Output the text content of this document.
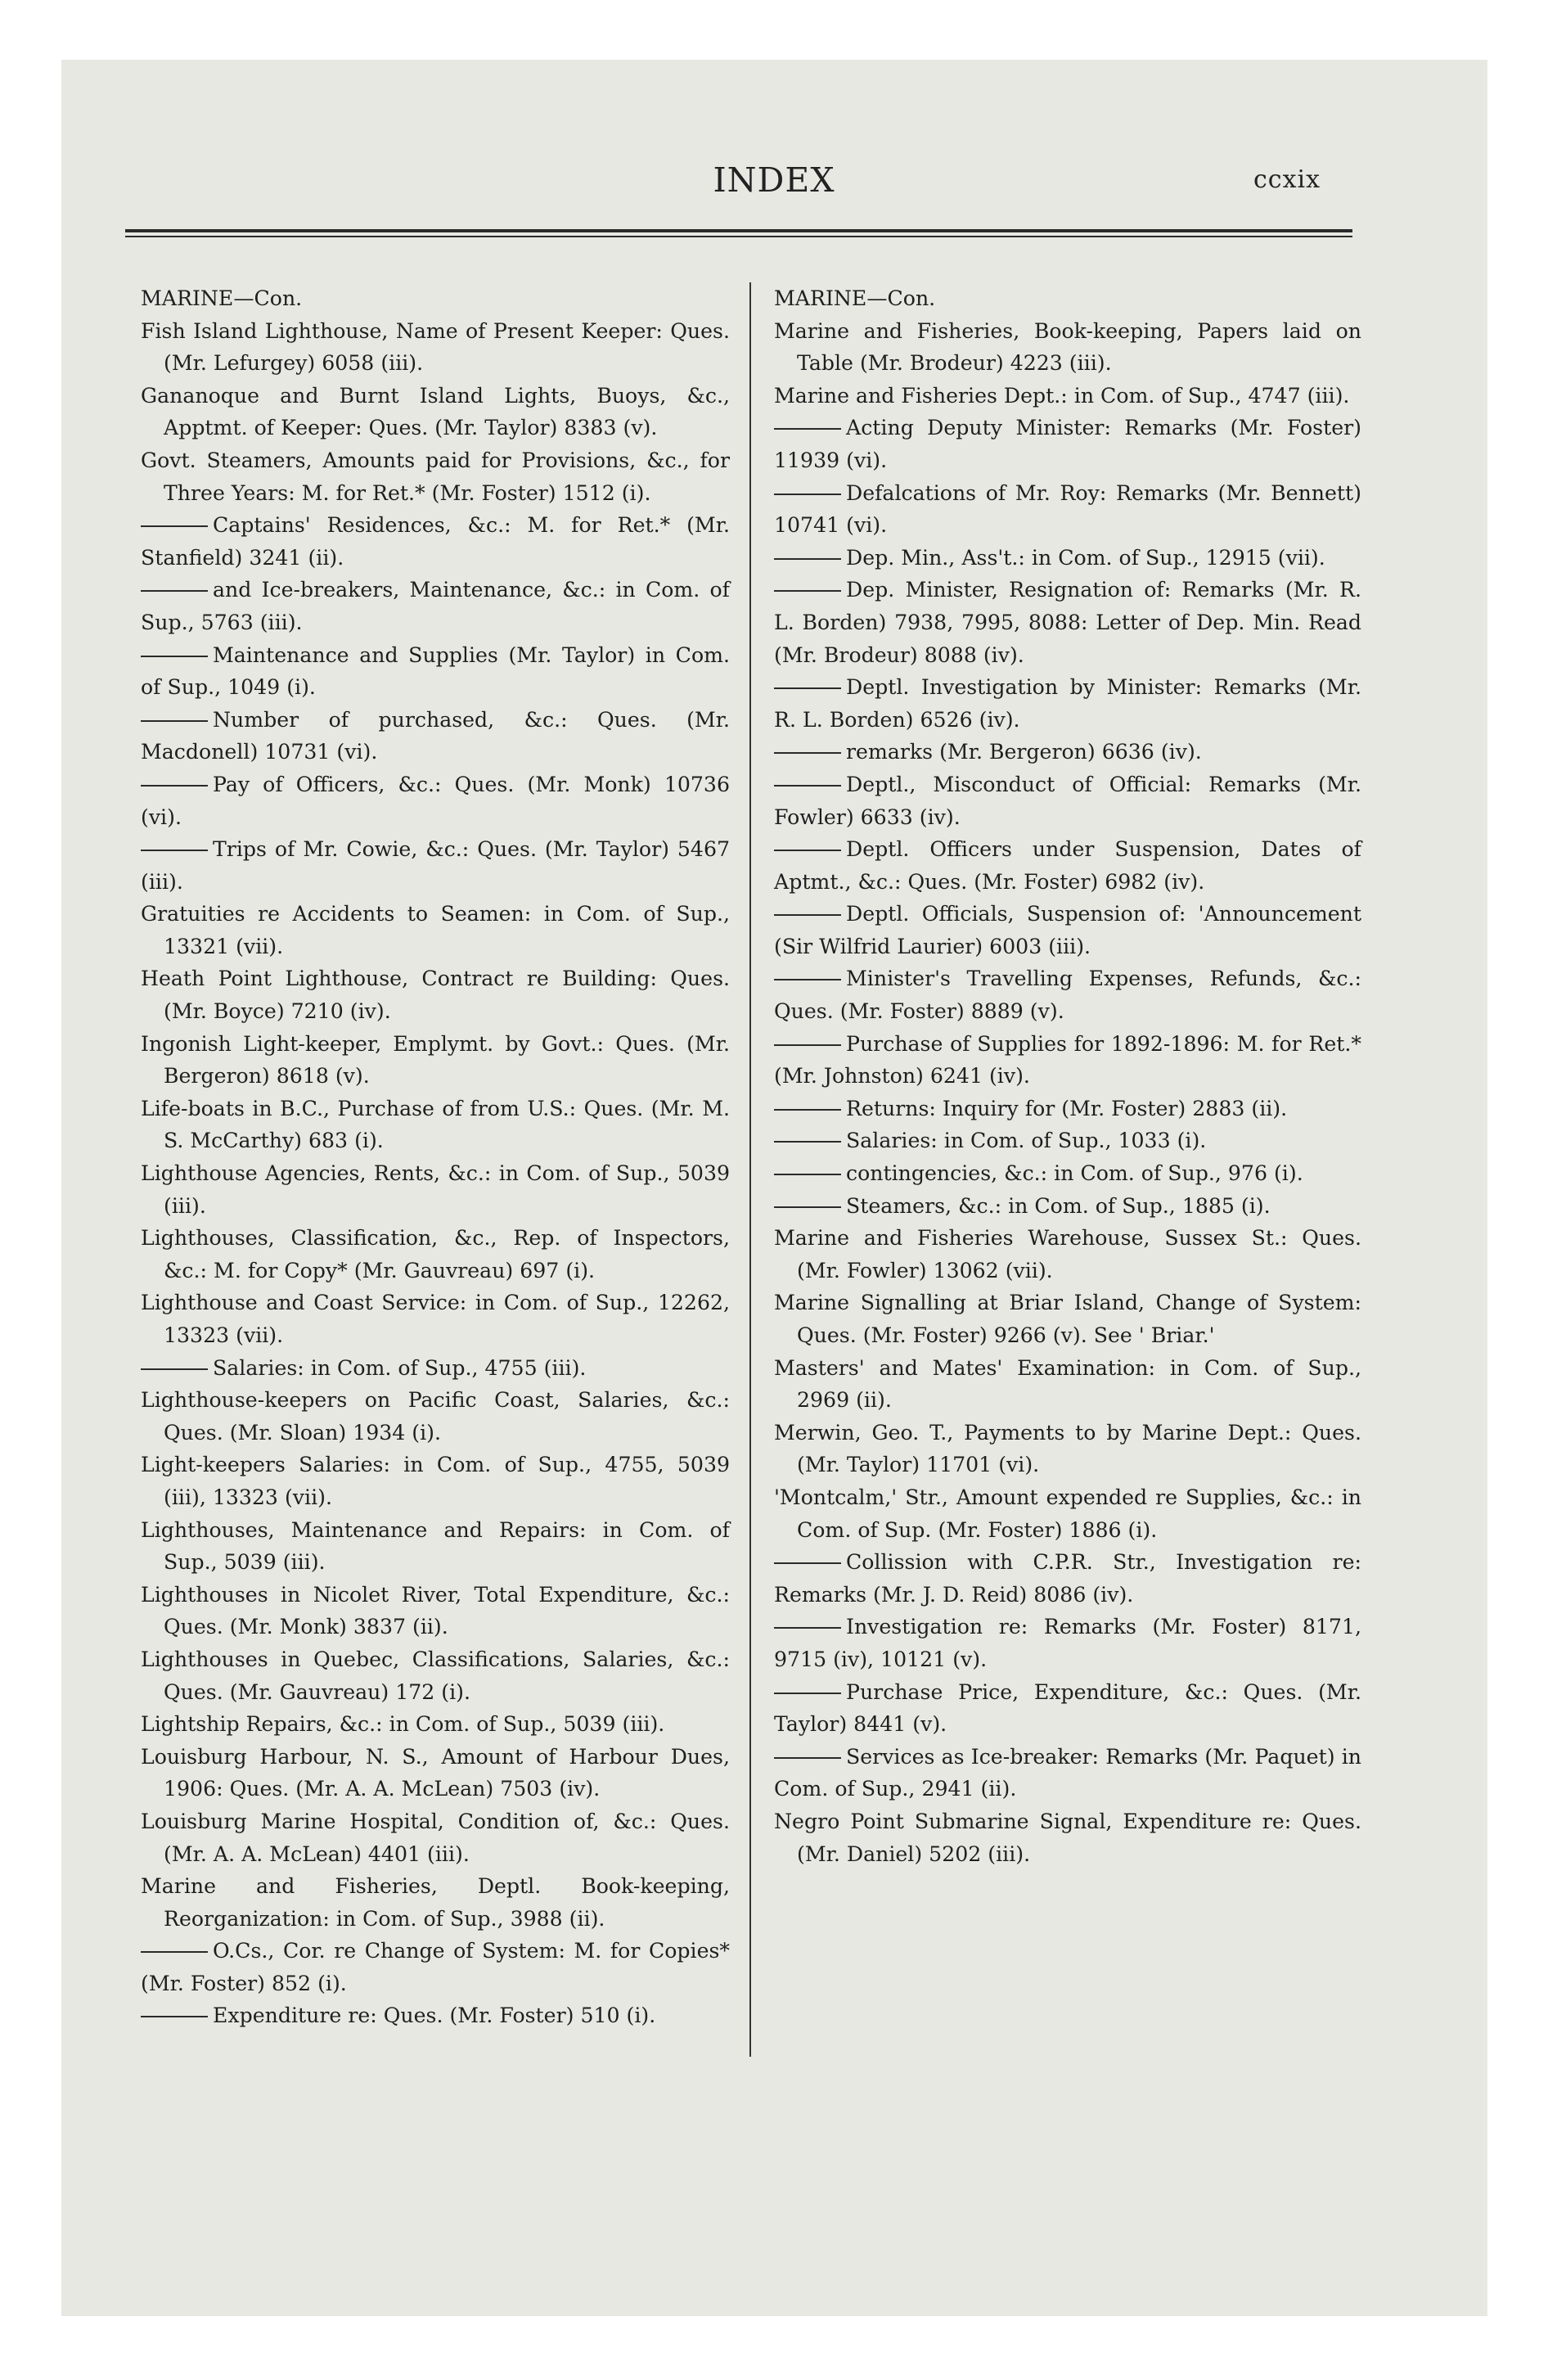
INDEX	ccxix

MARINE—Con.

Fish Island Lighthouse, Name of Present Keeper: Ques. (Mr. Lefurgey) 6058 (iii).

Gananoque and Burnt Island Lights, Buoys, &c., Apptmt. of Keeper: Ques. (Mr. Taylor) 8383 (v).

Govt. Steamers, Amounts paid for Provisions, &c., for Three Years: M. for Ret.* (Mr. Foster) 1512 (i).

Captains' Residences, &c.: M. for Ret.* (Mr. Stanfield) 3241 (ii).

and Ice-breakers, Maintenance, &c.: in Com. of Sup., 5763 (iii).

Maintenance and Supplies (Mr. Taylor) in Com. of Sup., 1049 (i).

Number of purchased, &c.: Ques. (Mr. Macdonell) 10731 (vi).

Pay of Officers, &c.: Ques. (Mr. Monk) 10736 (vi).

Trips of Mr. Cowie, &c.: Ques. (Mr. Taylor) 5467 (iii).

Gratuities re Accidents to Seamen: in Com. of Sup., 13321 (vii).

Heath Point Lighthouse, Contract re Building: Ques. (Mr. Boyce) 7210 (iv).

Ingonish Light-keeper, Emplymt. by Govt.: Ques. (Mr. Bergeron) 8618 (v).

Life-boats in B.C., Purchase of from U.S.: Ques. (Mr. M. S. McCarthy) 683 (i).

Lighthouse Agencies, Rents, &c.: in Com. of Sup., 5039 (iii).

Lighthouses, Classification, &c., Rep. of Inspectors, &c.: M. for Copy* (Mr. Gauvreau) 697 (i).

Lighthouse and Coast Service: in Com. of Sup., 12262, 13323 (vii).

Salaries: in Com. of Sup., 4755 (iii).

Lighthouse-keepers on Pacific Coast, Salaries, &c.: Ques. (Mr. Sloan) 1934 (i).

Light-keepers Salaries: in Com. of Sup., 4755, 5039 (iii), 13323 (vii).

Lighthouses, Maintenance and Repairs: in Com. of Sup., 5039 (iii).

Lighthouses in Nicolet River, Total Expenditure, &c.: Ques. (Mr. Monk) 3837 (ii).

Lighthouses in Quebec, Classifications, Salaries, &c.: Ques. (Mr. Gauvreau) 172 (i).

Lightship Repairs, &c.: in Com. of Sup., 5039 (iii).

Louisburg Harbour, N. S., Amount of Harbour Dues, 1906: Ques. (Mr. A. A. McLean) 7503 (iv).

Louisburg Marine Hospital, Condition of, &c.: Ques. (Mr. A. A. McLean) 4401 (iii).

Marine and Fisheries, Deptl. Book-keeping, Reorganization: in Com. of Sup., 3988 (ii).

O.Cs., Cor. re Change of System: M. for Copies* (Mr. Foster) 852 (i).

Expenditure re: Ques. (Mr. Foster) 510 (i).

MARINE—Con.

Marine and Fisheries, Book-keeping, Papers laid on Table (Mr. Brodeur) 4223 (iii).

Marine and Fisheries Dept.: in Com. of Sup., 4747 (iii).

Acting Deputy Minister: Remarks (Mr. Foster) 11939 (vi).

Defalcations of Mr. Roy: Remarks (Mr. Bennett) 10741 (vi).

Dep. Min., Ass't.: in Com. of Sup., 12915 (vii).

Dep. Minister, Resignation of: Remarks (Mr. R. L. Borden) 7938, 7995, 8088: Letter of Dep. Min. Read (Mr. Brodeur) 8088 (iv).

Deptl. Investigation by Minister: Remarks (Mr. R. L. Borden) 6526 (iv).

remarks (Mr. Bergeron) 6636 (iv).

Deptl., Misconduct of Official: Remarks (Mr. Fowler) 6633 (iv).

Deptl. Officers under Suspension, Dates of Aptmt., &c.: Ques. (Mr. Foster) 6982 (iv).

Deptl. Officials, Suspension of: 'Announcement (Sir Wilfrid Laurier) 6003 (iii).

Minister's Travelling Expenses, Refunds, &c.: Ques. (Mr. Foster) 8889 (v).

Purchase of Supplies for 1892-1896: M. for Ret.* (Mr. Johnston) 6241 (iv).

Returns: Inquiry for (Mr. Foster) 2883 (ii).

Salaries: in Com. of Sup., 1033 (i).

contingencies, &c.: in Com. of Sup., 976 (i).

Steamers, &c.: in Com. of Sup., 1885 (i).

Marine and Fisheries Warehouse, Sussex St.: Ques. (Mr. Fowler) 13062 (vii).

Marine Signalling at Briar Island, Change of System: Ques. (Mr. Foster) 9266 (v). See ' Briar.'

Masters' and Mates' Examination: in Com. of Sup., 2969 (ii).

Merwin, Geo. T., Payments to by Marine Dept.: Ques. (Mr. Taylor) 11701 (vi).

'Montcalm,' Str., Amount expended re Supplies, &c.: in Com. of Sup. (Mr. Foster) 1886 (i).

Collission with C.P.R. Str., Investigation re: Remarks (Mr. J. D. Reid) 8086 (iv).

Investigation re: Remarks (Mr. Foster) 8171, 9715 (iv), 10121 (v).

Purchase Price, Expenditure, &c.: Ques. (Mr. Taylor) 8441 (v).

Services as Ice-breaker: Remarks (Mr. Paquet) in Com. of Sup., 2941 (ii).

Negro Point Submarine Signal, Expenditure re: Ques. (Mr. Daniel) 5202 (iii).
